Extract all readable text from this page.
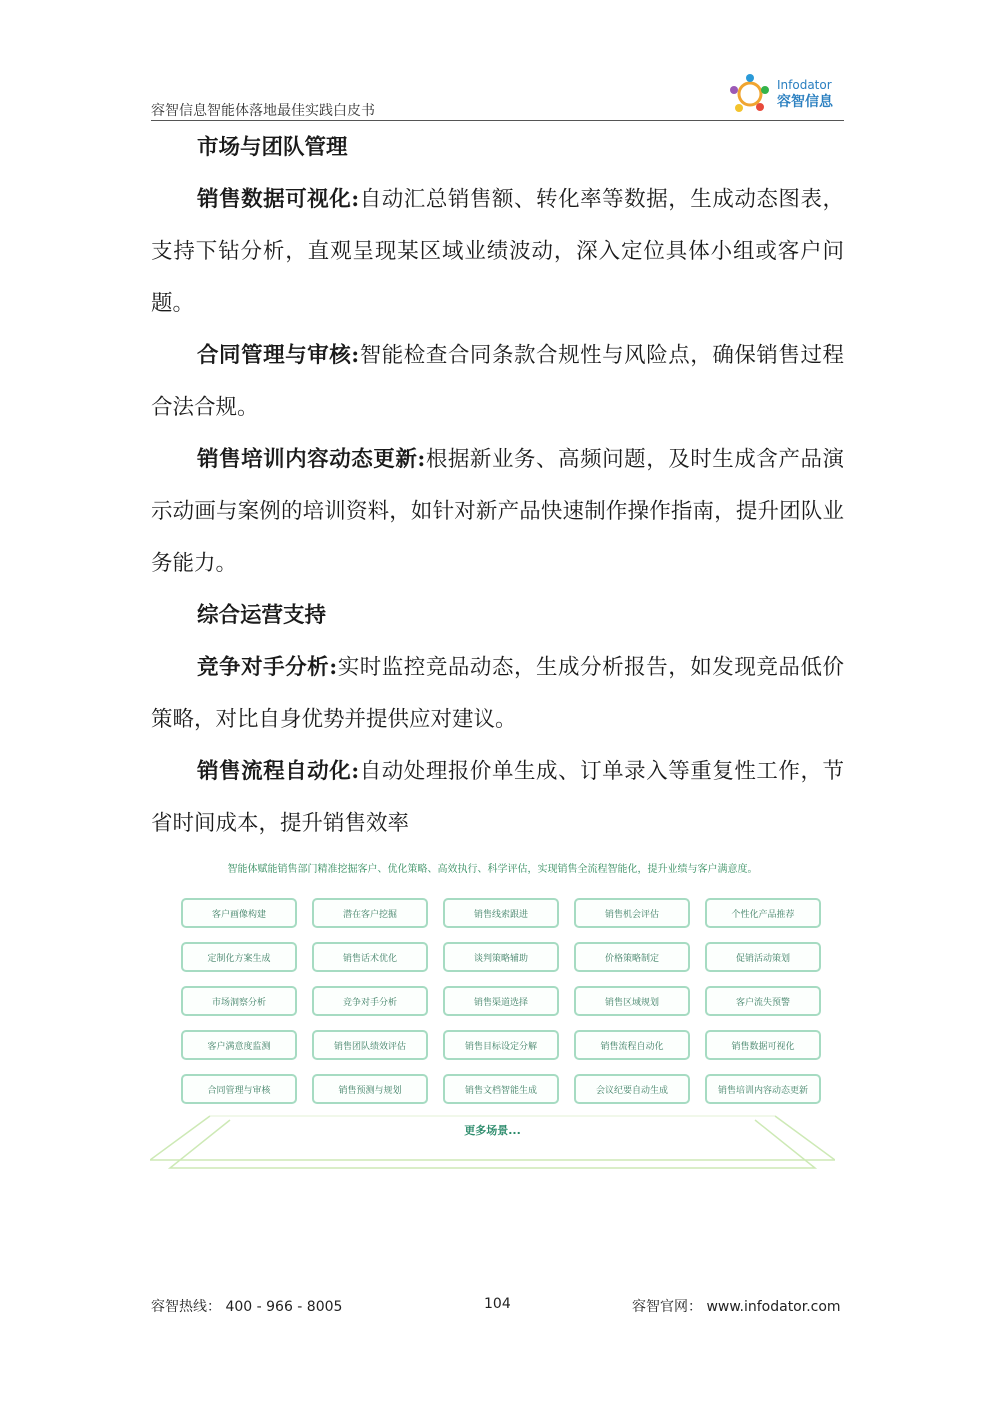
容智信息智能体落地最佳实践白皮书
Infodator
容智信息
市场与团队管理

销售数据可视化:自动汇总销售额、转化率等数据，生成动态图表，支持下钻分析，直观呈现某区域业绩波动，深入定位具体小组或客户问题。

合同管理与审核:智能检查合同条款合规性与风险点，确保销售过程合法合规。

销售培训内容动态更新:根据新业务、高频问题，及时生成含产品演示动画与案例的培训资料，如针对新产品快速制作操作指南，提升团队业务能力。

综合运营支持

竞争对手分析:实时监控竞品动态，生成分析报告，如发现竞品低价策略，对比自身优势并提供应对建议。

销售流程自动化:自动处理报价单生成、订单录入等重复性工作，节省时间成本，提升销售效率

智能体赋能销售部门精准挖掘客户、优化策略、高效执行、科学评估，实现销售全流程智能化，提升业绩与客户满意度。
客户画像构建	潜在客户挖掘	销售线索跟进	销售机会评估	个性化产品推荐
定制化方案生成	销售话术优化	谈判策略辅助	价格策略制定	促销活动策划
市场洞察分析	竞争对手分析	销售渠道选择	销售区域规划	客户流失预警
客户满意度监测	销售团队绩效评估	销售目标设定分解	销售流程自动化	销售数据可视化
合同管理与审核	销售预测与规划	销售文档智能生成	会议纪要自动生成	销售培训内容动态更新
更多场景...
容智热线： 400 - 966 - 8005	104	容智官网： www.infodator.com
